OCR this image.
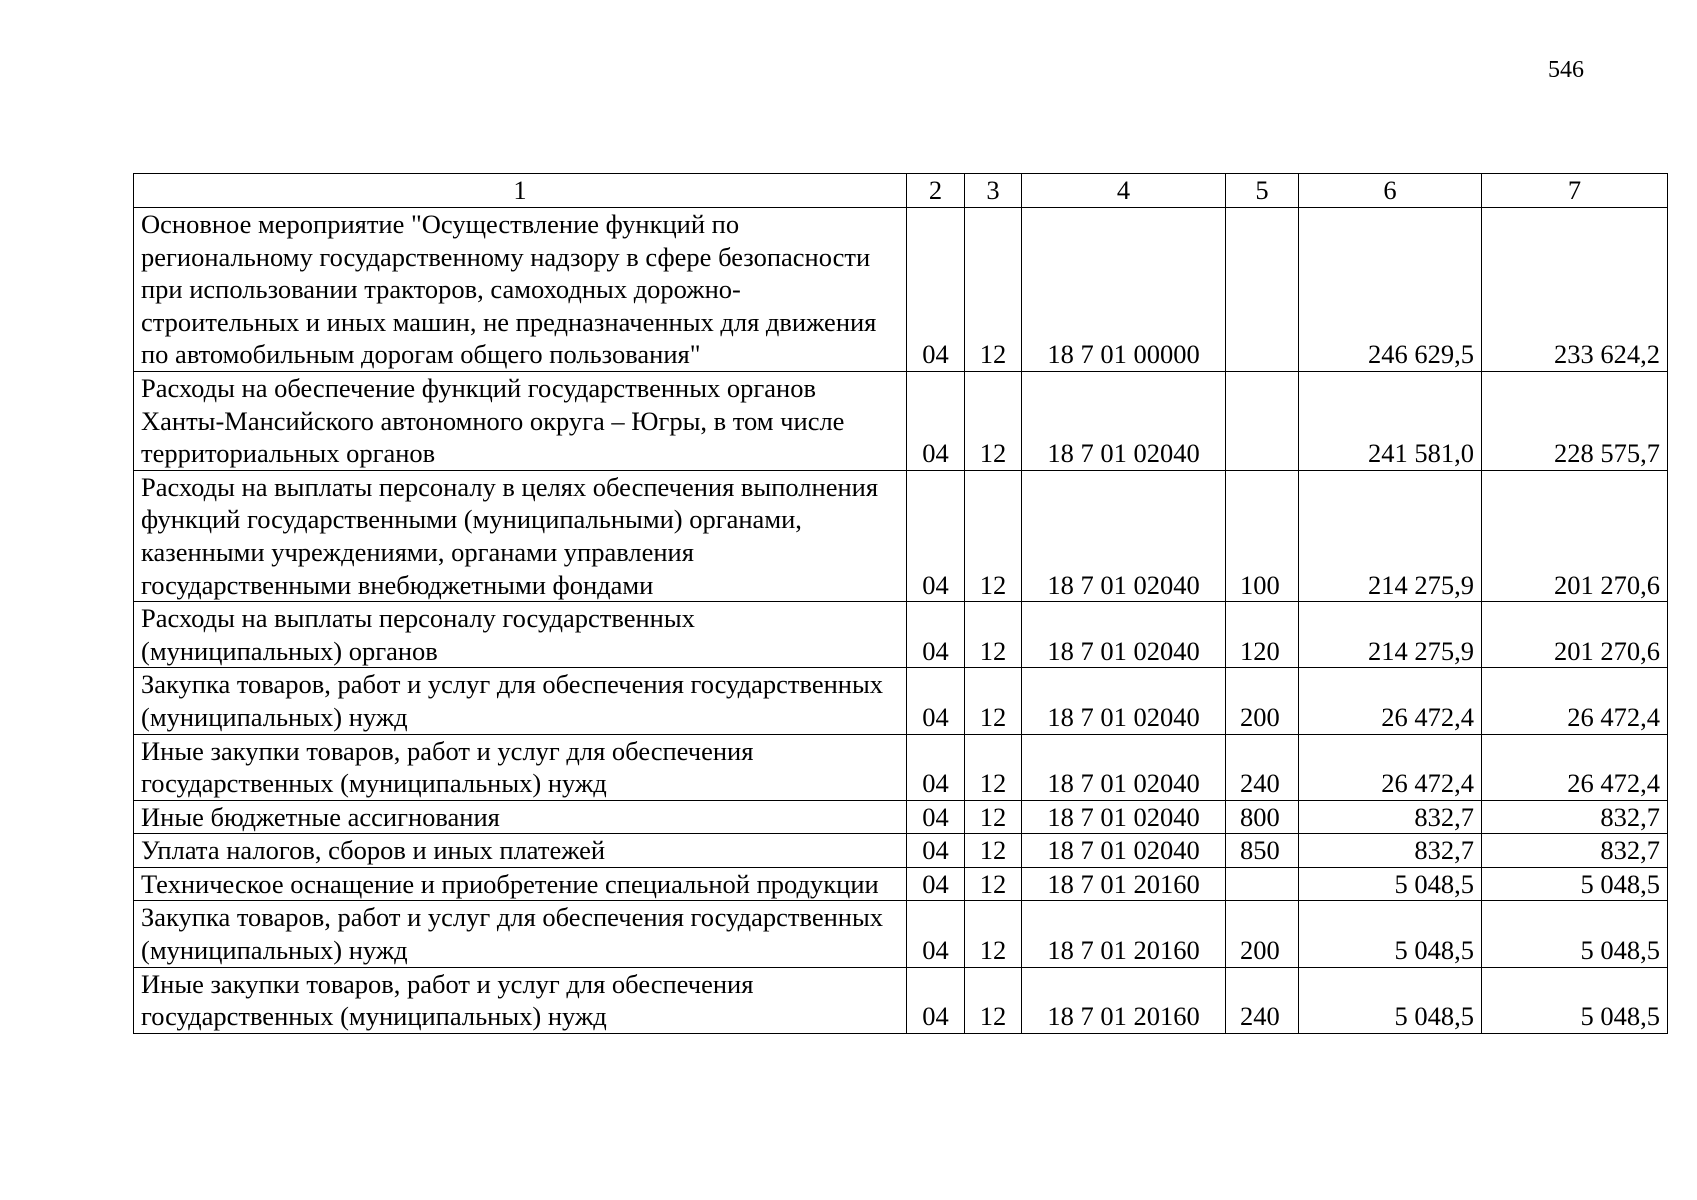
546
1	2	3	4	5	6	7
Основное мероприятие "Осуществление функций по региональному государственному надзору в сфере безопасности при использовании тракторов, самоходных дорожно-строительных и иных машин, не предназначенных для движения по автомобильным дорогам общего пользования"	04	12	18 7 01 00000		246 629,5	233 624,2
Расходы на обеспечение функций государственных органов Ханты-Мансийского автономного округа – Югры, в том числе территориальных органов	04	12	18 7 01 02040		241 581,0	228 575,7
Расходы на выплаты персоналу в целях обеспечения выполнения функций государственными (муниципальными) органами, казенными учреждениями, органами управления государственными внебюджетными фондами	04	12	18 7 01 02040	100	214 275,9	201 270,6
Расходы на выплаты персоналу государственных (муниципальных) органов	04	12	18 7 01 02040	120	214 275,9	201 270,6
Закупка товаров, работ и услуг для обеспечения государственных (муниципальных) нужд	04	12	18 7 01 02040	200	26 472,4	26 472,4
Иные закупки товаров, работ и услуг для обеспечения государственных (муниципальных) нужд	04	12	18 7 01 02040	240	26 472,4	26 472,4
Иные бюджетные ассигнования	04	12	18 7 01 02040	800	832,7	832,7
Уплата налогов, сборов и иных платежей	04	12	18 7 01 02040	850	832,7	832,7
Техническое оснащение и приобретение специальной продукции	04	12	18 7 01 20160		5 048,5	5 048,5
Закупка товаров, работ и услуг для обеспечения государственных (муниципальных) нужд	04	12	18 7 01 20160	200	5 048,5	5 048,5
Иные закупки товаров, работ и услуг для обеспечения государственных (муниципальных) нужд	04	12	18 7 01 20160	240	5 048,5	5 048,5
